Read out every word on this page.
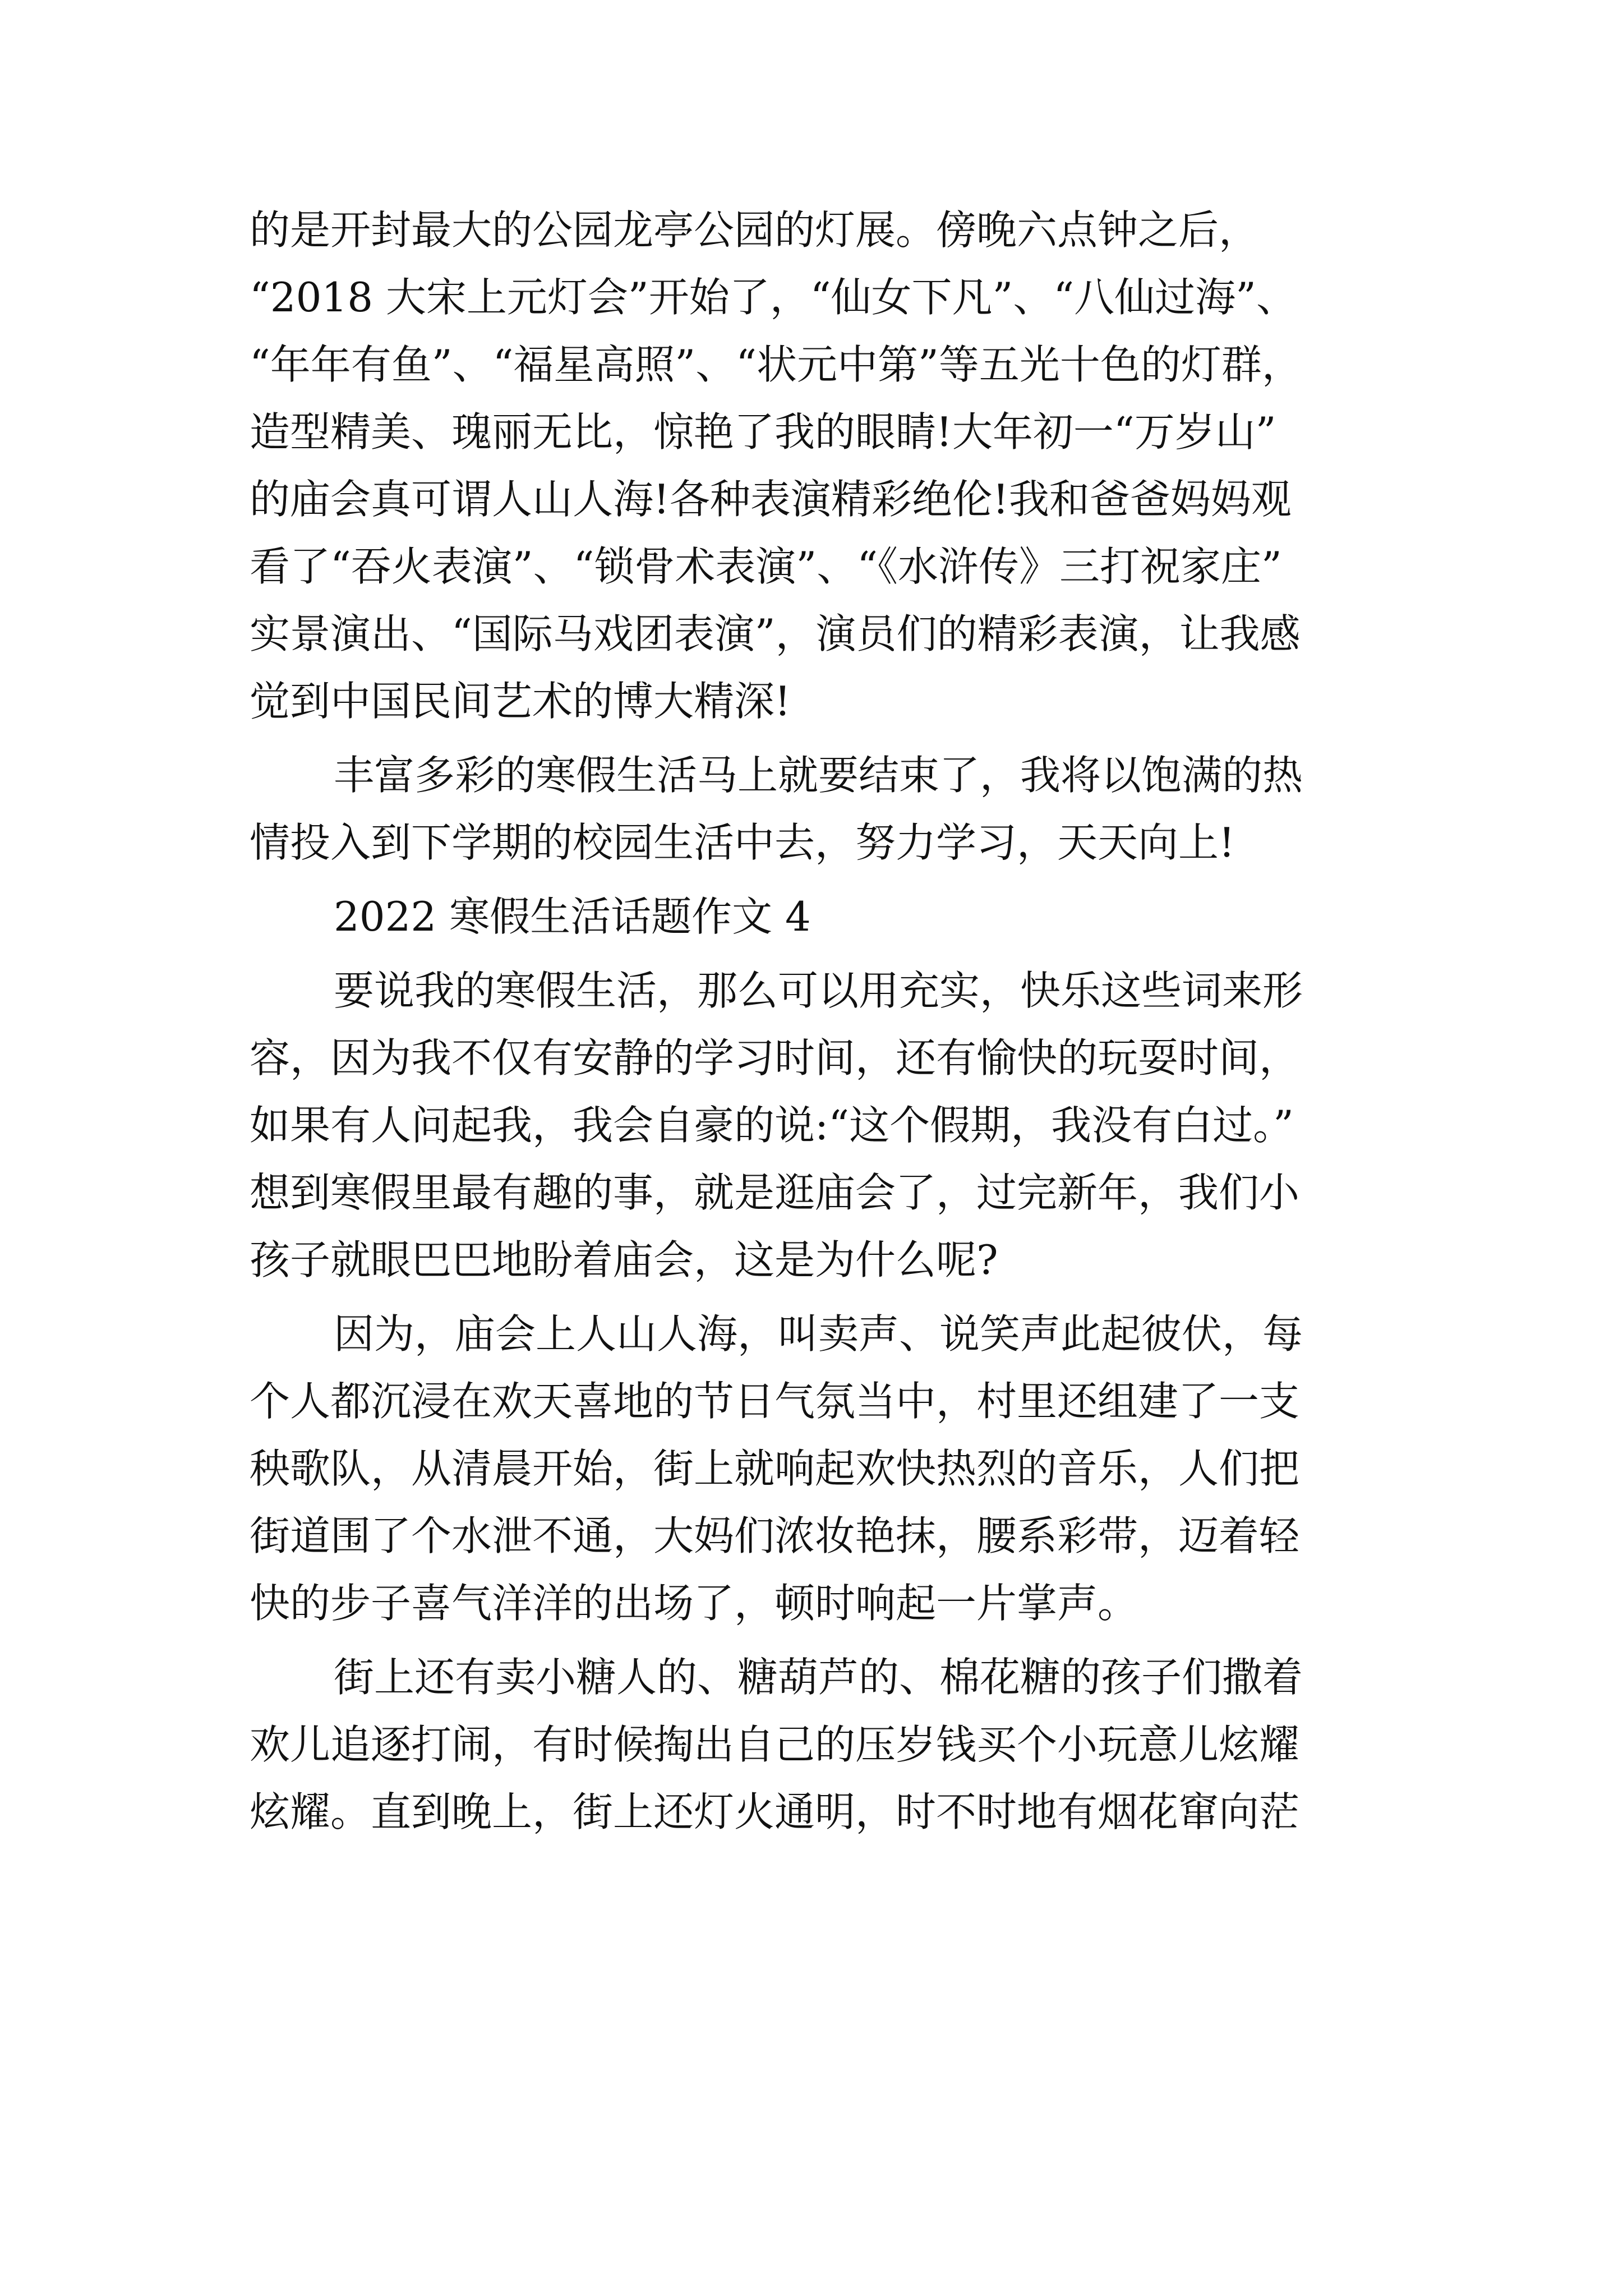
的是开封最大的公园龙亭公园的灯展。傍晚六点钟之后，

“2018 大宋上元灯会”开始了，“仙女下凡”、“八仙过海”、

“年年有鱼”、“福星高照”、“状元中第”等五光十色的灯群，

造型精美、瑰丽无比，惊艳了我的眼睛!大年初一“万岁山”

的庙会真可谓人山人海!各种表演精彩绝伦!我和爸爸妈妈观

看了“吞火表演”、“锁骨术表演”、“《水浒传》三打祝家庄”

实景演出、“国际马戏团表演”，演员们的精彩表演，让我感

觉到中国民间艺术的博大精深!

丰富多彩的寒假生活马上就要结束了，我将以饱满的热

情投入到下学期的校园生活中去，努力学习，天天向上!

2022 寒假生活话题作文 4

要说我的寒假生活，那么可以用充实，快乐这些词来形

容，因为我不仅有安静的学习时间，还有愉快的玩耍时间，

如果有人问起我，我会自豪的说:“这个假期，我没有白过。”

想到寒假里最有趣的事，就是逛庙会了，过完新年，我们小

孩子就眼巴巴地盼着庙会，这是为什么呢?

因为，庙会上人山人海，叫卖声、说笑声此起彼伏，每

个人都沉浸在欢天喜地的节日气氛当中，村里还组建了一支

秧歌队，从清晨开始，街上就响起欢快热烈的音乐，人们把

街道围了个水泄不通，大妈们浓妆艳抹，腰系彩带，迈着轻

快的步子喜气洋洋的出场了，顿时响起一片掌声。

街上还有卖小糖人的、糖葫芦的、棉花糖的孩子们撒着

欢儿追逐打闹，有时候掏出自己的压岁钱买个小玩意儿炫耀

炫耀。直到晚上，街上还灯火通明，时不时地有烟花窜向茫
